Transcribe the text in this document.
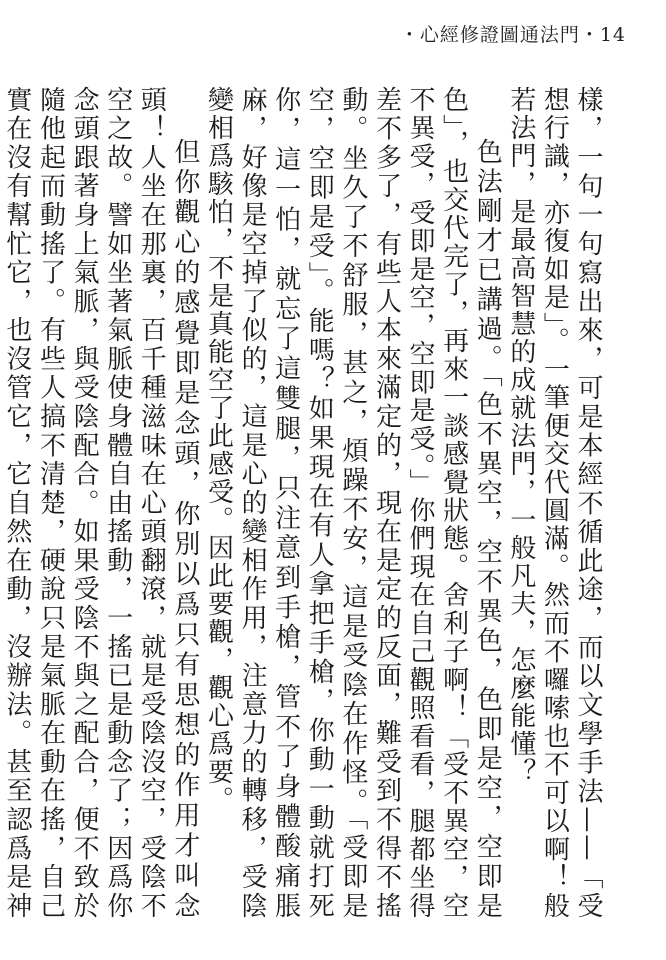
・心經修證圖通法門・14

樣，一句一句寫出來，可是本經不循此途，而以文學手法——「受想行識，亦復如是」。一筆便交代圓滿。然而不囉嗦也不可以啊！般若法門，是最高智慧的成就法門，一般凡夫，怎麼能懂？

色法剛才已講過。「色不異空，空不異色，色即是空，空即是色」，也交代完了，再來一談感覺狀態。舍利子啊！「受不異空，空不異受，受即是空，空即是受。」你們現在自己觀照看看，腿都坐得差不多了，有些人本來滿定的，現在是定的反面，難受到不得不搖動。坐久了不舒服，甚之，煩躁不安，這是受陰在作怪。「受即是空，空即是受」。能嗎？如果現在有人拿把手槍，你動一動就打死你，這一怕，就忘了這雙腿，只注意到手槍，管不了身體酸痛脹麻，好像是空掉了似的，這是心的變相作用，注意力的轉移，受陰變相爲駭怕，不是真能空了此感受。因此要觀，觀心爲要。

但你觀心的感覺即是念頭，你別以爲只有思想的作用才叫念頭！人坐在那裏，百千種滋味在心頭翻滾，就是受陰沒空，受陰不空之故。譬如坐著氣脈使身體自由搖動，一搖已是動念了；因爲你念頭跟著身上氣脈，與受陰配合。如果受陰不與之配合，便不致於隨他起而動搖了。有些人搞不清楚，硬說只是氣脈在動在搖，自己實在沒有幫忙它，也沒管它，它自然在動，沒辦法。甚至認爲是神
